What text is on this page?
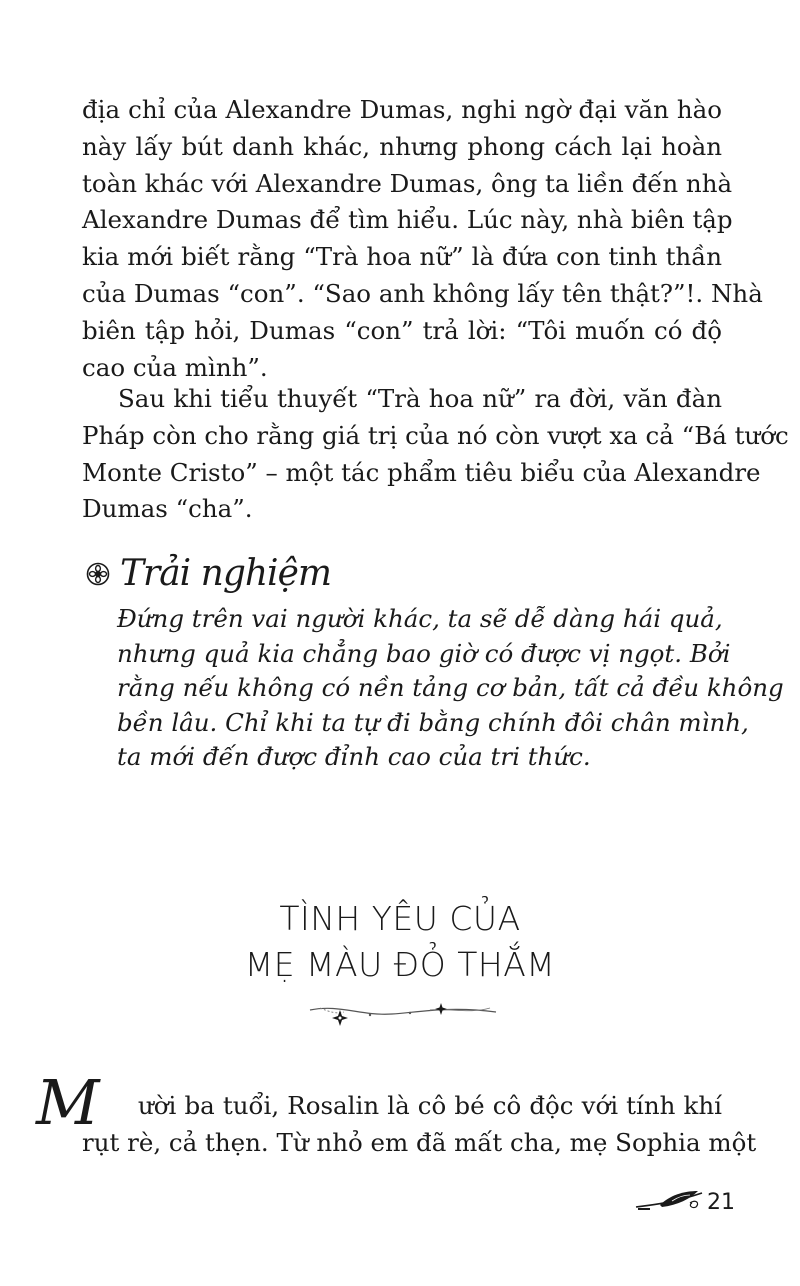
địa chỉ của Alexandre Dumas, nghi ngờ đại văn hào
này lấy bút danh khác, nhưng phong cách lại hoàn
toàn khác với Alexandre Dumas, ông ta liền đến nhà
Alexandre Dumas để tìm hiểu. Lúc này, nhà biên tập
kia mới biết rằng “Trà hoa nữ” là đứa con tinh thần
của Dumas “con”. “Sao anh không lấy tên thật?”!. Nhà
biên tập hỏi, Dumas “con” trả lời: “Tôi muốn có độ
cao của mình”.

Sau khi tiểu thuyết “Trà hoa nữ” ra đời, văn đàn
Pháp còn cho rằng giá trị của nó còn vượt xa cả “Bá tước
Monte Cristo” – một tác phẩm tiêu biểu của Alexandre
Dumas “cha”.

Trải nghiệm

Đứng trên vai người khác, ta sẽ dễ dàng hái quả,
nhưng quả kia chẳng bao giờ có được vị ngọt. Bởi
rằng nếu không có nền tảng cơ bản, tất cả đều không
bền lâu. Chỉ khi ta tự đi bằng chính đôi chân mình,
ta mới đến được đỉnh cao của tri thức.

TÌNH YÊU CỦA
MẸ MÀU ĐỎ THẮM
M	ười ba tuổi, Rosalin là cô bé cô độc với tính khí
rụt rè, cả thẹn. Từ nhỏ em đã mất cha, mẹ Sophia một

21
